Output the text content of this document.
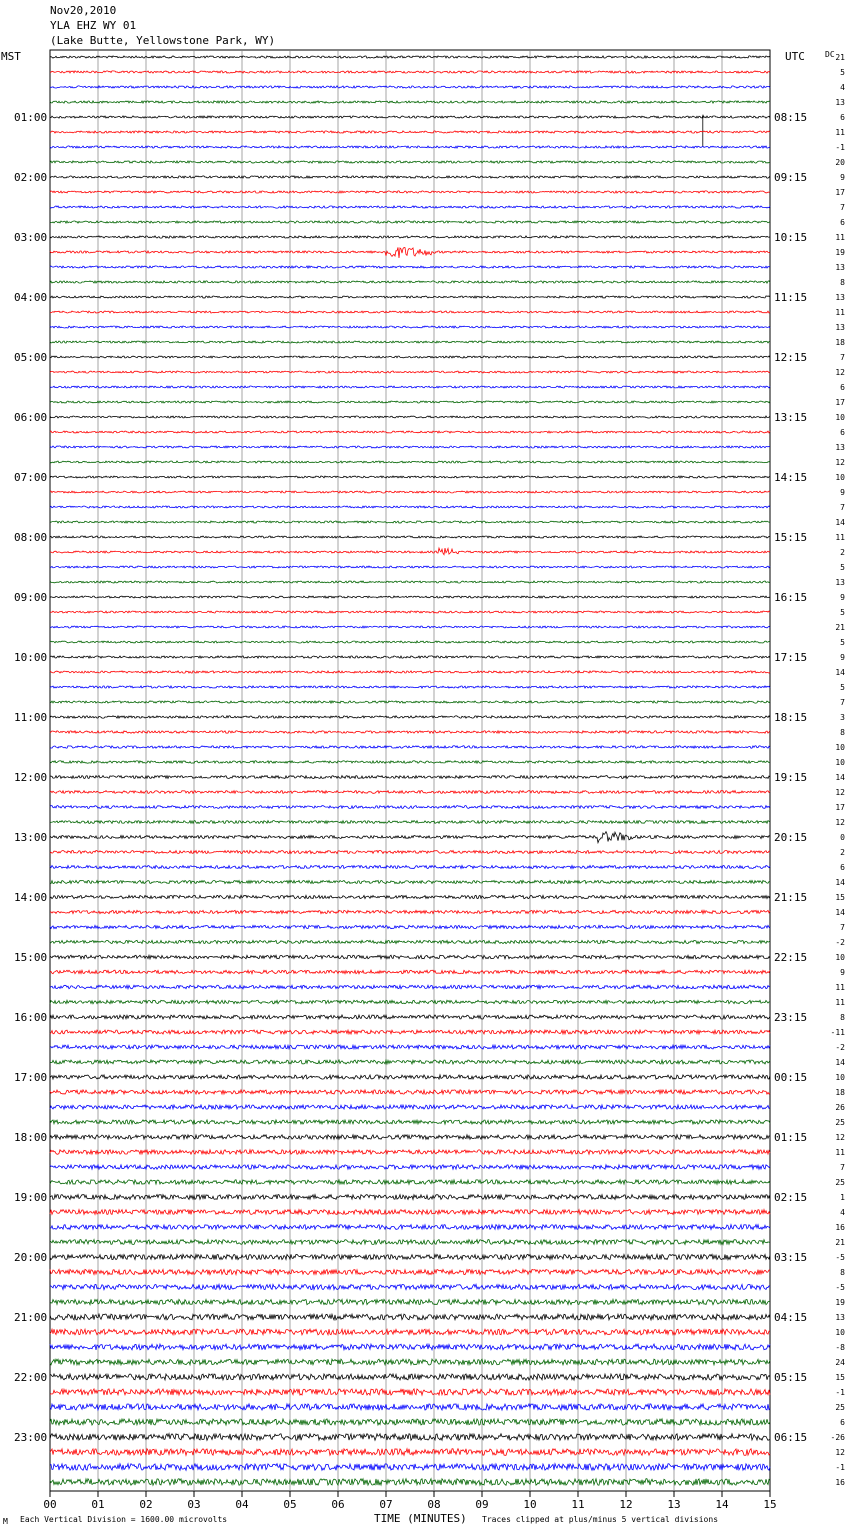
Nov20,2010
YLA EHZ WY 01
(Lake Butte, Yellowstone Park, WY)
MST	UTC	DC
01:00
02:00
03:00
04:00
05:00
06:00
07:00
08:00
09:00
10:00
11:00
12:00
13:00
14:00
15:00
16:00
17:00
18:00
19:00
20:00
21:00
22:00
23:00
08:15
09:15
10:15
11:15
12:15
13:15
14:15
15:15
16:15
17:15
18:15
19:15
20:15
21:15
22:15
23:15
00:15
01:15
02:15
03:15
04:15
05:15
06:15
21
5
4
13
6
11
-1
20
9
17
7
6
11
19
13
8
13
11
13
18
7
12
6
17
10
6
13
12
10
9
7
14
11
2
5
13
9
5
21
5
9
14
5
7
3
8
10
10
14
12
17
12
0
2
6
14
15
14
7
-2
10
9
11
11
8
-11
-2
14
10
18
26
25
12
11
7
25
1
4
16
21
-5
8
-5
19
13
10
-8
24
15
-1
25
6
-26
12
-1
16
00	01	02	03	04	05	06	07	08	09	10	11	12	13	14	15
M Each Vertical Division = 1600.00 microvolts	TIME (MINUTES) Traces clipped at plus/minus 5 vertical divisions
